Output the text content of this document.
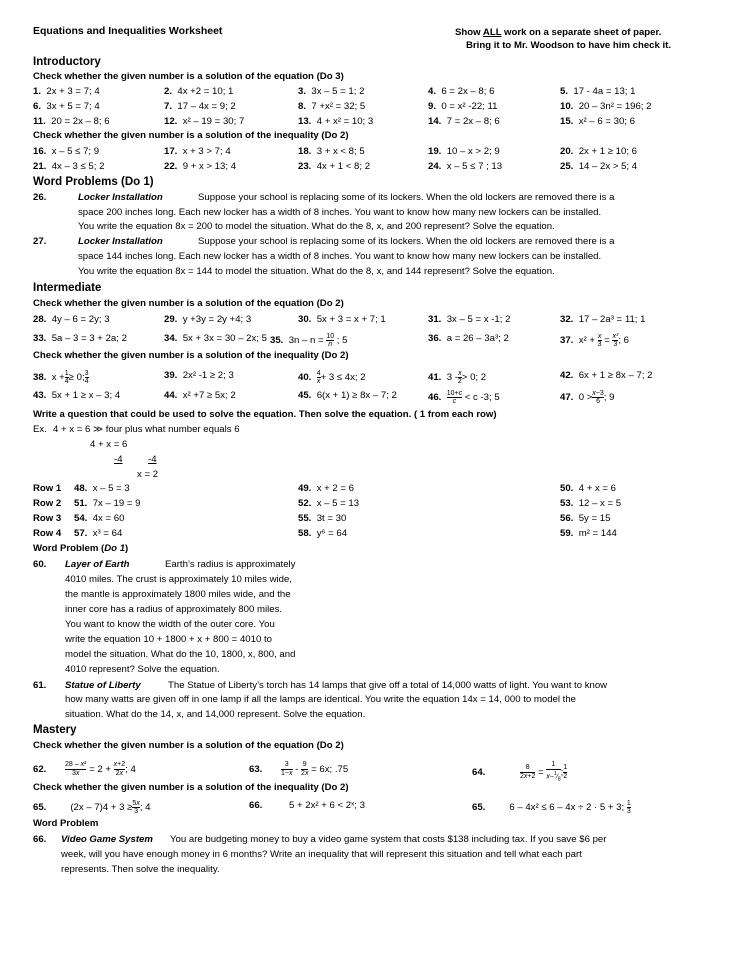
Equations and Inequalities Worksheet	Show ALL work on a separate sheet of paper.
Bring it to Mr. Woodson to have him check it.
Introductory
Check whether the given number is a solution of the equation (Do 3)
1. 2x + 3 = 7; 4	2. 4x +2 = 10; 1	3. 3x – 5 = 1; 2	4. 6 = 2x – 8; 6	5. 17 - 4a = 13; 1
6. 3x + 5 = 7; 4	7. 17 – 4x = 9; 2	8. 7 +x² = 32; 5	9. 0 = x² -22; 11	10. 20 – 3n² = 196; 2
11. 20 = 2x – 8; 6	12. x² – 19 = 30; 7	13. 4 + x² = 10; 3	14. 7 = 2x – 8; 6	15. x² – 6 = 30; 6
16. x – 5 ≤ 7; 9	17. x + 3 > 7; 4	18. 3 + x < 8; 5	19. 10 – x > 2; 9	20. 2x + 1 ≥ 10; 6
21. 4x – 3 ≤ 5; 2	22. 9 + x > 13; 4	23. 4x + 1 < 8; 2	24. x – 5 ≤ 7 ; 13	25. 14 – 2x > 5; 4
Check whether the given number is a solution of the inequality (Do 2)
Word Problems (Do 1)
26.	Locker Installation	Suppose your school is replacing some of its lockers. When the old lockers are removed there is a
space 200 inches long. Each new locker has a width of 8 inches. You want to know how many new lockers can be installed.
You write the equation 8x = 200 to model the situation. What do the 8, x, and 200 represent? Solve the equation.
27.	Locker Installation	Suppose your school is replacing some of its lockers. When the old lockers are removed there is a
space 144 inches long. Each new locker has a width of 8 inches. You want to know how many new lockers can be installed.
You write the equation 8x = 144 to model the situation. What do the 8, x, and 144 represent? Solve the equation.
Intermediate
Check whether the given number is a solution of the equation (Do 2)
28. 4y – 6 = 2y; 3	29. y +3y = 2y +4; 3	30. 5x + 3 = x + 7; 1	31. 3x – 5 = x -1; 2	32. 17 – 2a³ = 11; 1
33. 5a – 3 = 3 + 2a; 2	34. 5x + 3x = 30 – 2x; 5 35. $3n - n = \frac{10}{n}$ ; 5	36. a = 26 – 3a³; 2	37. $x^2 + \frac{x}{3} = \frac{\text{x³}}{3}$ ; 6
Check whether the given number is a solution of the inequality (Do 2)
38. $x + \frac{1}{4} \ge 0$; $\frac{3}{4}$	39. 2x² -1 ≥ 2; 3	40. $\frac{4}{x} + 3 \le 4x$; 2	41. $3 - \frac{x}{2} > 0$; 2	42. 6x + 1 ≥ 8x – 7; 2
43. 5x + 1 ≥ x – 3; 4	44. x² +7 ≥ 5x; 2	45. 6(x + 1) ≥ 8x – 7; 2	46. $\frac{10+c}{c} < c$ -3; 5	47. $0 > \frac{x-3}{6}$ ; 9
Write a question that could be used to solve the equation. Then solve the equation. ( 1 from each row)
Ex. 4 + x = 6 ≫ four plus what number equals 6
4 + x = 6
-4	-4
x = 2
Row 1 48. x – 5 = 3	49. x + 2 = 6	50. 4 + x = 6
Row 2 51. 7x – 19 = 9	52. x – 5 = 13	53. 12 – x = 5
Row 3 54. 4x = 60	55. 3t = 30	56. 5y = 15
Row 4 57. x³ = 64	58. y⁶ = 64	59. m² = 144
Word Problem (Do 1)
60. Layer of Earth	Earth’s radius is approximately
4010 miles. The crust is approximately 10 miles wide,
the mantle is approximately 1800 miles wide, and the
inner core has a radius of approximately 800 miles.
You want to know the width of the outer core. You
write the equation 10 + 1800 + x + 800 = 4010 to
model the situation. What do the 10, 1800, x, 800, and
4010 represent? Solve the equation.
61. Statue of Liberty	The Statue of Liberty’s torch has 14 lamps that give off a total of 14,000 watts of light. You want to know
how many watts are given off in one lamp if all the lamps are identical. You write the equation 14x = 14, 000 to model the
situation. What do the 14, x, and 14,000 represent. Solve the equation.
Mastery
Check whether the given number is a solution of the equation (Do 2)
62.	$\frac{\text{28 – x²}}{3x} = 2 + \frac{x+2}{2x}$ ; 4	63.	$\frac{3}{1-x} - \frac{9}{2x} = 6x$; .75	64.	$\frac{8}{2x+2} = \frac{1}{x-^1⁄_8}$ ; $\frac{1}{2}$
Check whether the given number is a solution of the inequality (Do 2)
65.	$(2x - 7)4 + 3 \ge \frac{5x}{3}$ ; 4	66.	5 + 2x² + 6 < 2ˣ; 3	65.	6 – 4x² ≤ 6 – 4x ÷ 2 · 5 + 3; $\frac{1}{3}$
Word Problem
66. Video Game System You are budgeting money to buy a video game system that costs $138 including tax. If you save $6 per
week, will you have enough money in 6 months? Write an inequality that will represent this situation and tell what each part
represents. Then solve the inequality.
